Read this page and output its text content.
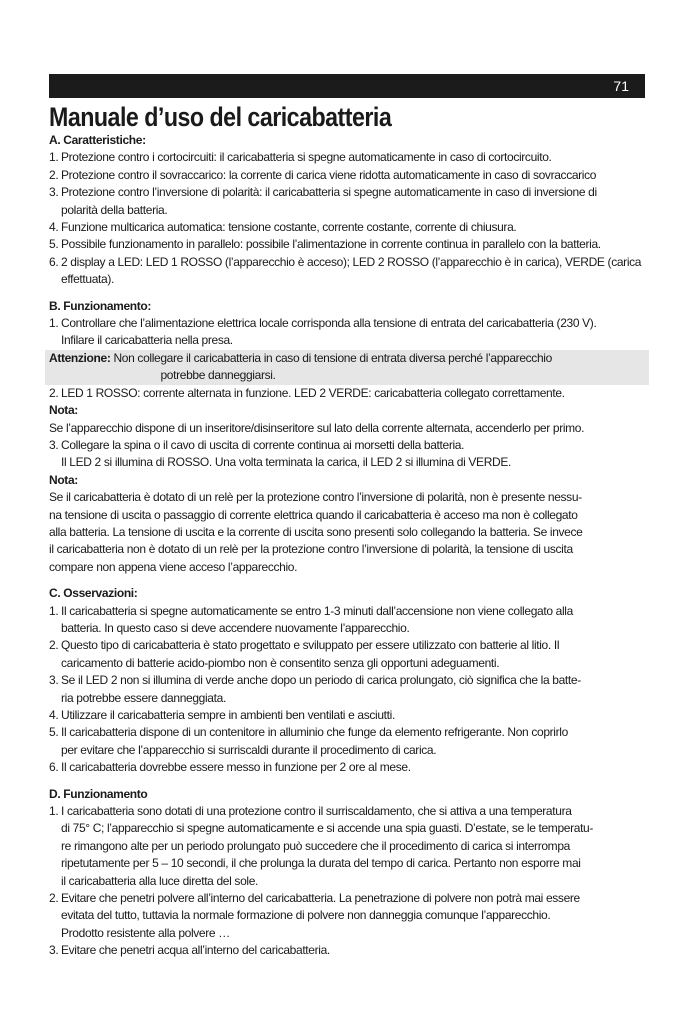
71
Manuale d’uso del caricabatteria
A. Caratteristiche:
1. Protezione contro i cortocircuiti: il caricabatteria si spegne automaticamente in caso di cortocircuito.
2. Protezione contro il sovraccarico: la corrente di carica viene ridotta automaticamente in caso di sovraccarico
3. Protezione contro l’inversione di polarità: il caricabatteria si spegne automaticamente in caso di inversione di
polarità della batteria.
4. Funzione multicarica automatica: tensione costante, corrente costante, corrente di chiusura.
5. Possibile funzionamento in parallelo: possibile l’alimentazione in corrente continua in parallelo con la batteria.
6. 2 display a LED: LED 1 ROSSO (l’apparecchio è acceso); LED 2 ROSSO (l’apparecchio è in carica), VERDE (carica
effettuata).
B. Funzionamento:
1. Controllare che l’alimentazione elettrica locale corrisponda alla tensione di entrata del caricabatteria (230 V).
Infilare il caricabatteria nella presa.
Attenzione: Non collegare il caricabatteria in caso di tensione di entrata diversa perché l’apparecchio
potrebbe danneggiarsi.
2. LED 1 ROSSO: corrente alternata in funzione. LED 2 VERDE: caricabatteria collegato correttamente.
Nota:
Se l’apparecchio dispone di un inseritore/disinseritore sul lato della corrente alternata, accenderlo per primo.
3. Collegare la spina o il cavo di uscita di corrente continua ai morsetti della batteria.
Il LED 2 si illumina di ROSSO. Una volta terminata la carica, il LED 2 si illumina di VERDE.
Nota:
Se il caricabatteria è dotato di un relè per la protezione contro l’inversione di polarità, non è presente nessu-
na tensione di uscita o passaggio di corrente elettrica quando il caricabatteria è acceso ma non è collegato
alla batteria. La tensione di uscita e la corrente di uscita sono presenti solo collegando la batteria. Se invece
il caricabatteria non è dotato di un relè per la protezione contro l’inversione di polarità, la tensione di uscita
compare non appena viene acceso l’apparecchio.
C. Osservazioni:
1. Il caricabatteria si spegne automaticamente se entro 1-3 minuti dall’accensione non viene collegato alla
batteria. In questo caso si deve accendere nuovamente l’apparecchio.
2. Questo tipo di caricabatteria è stato progettato e sviluppato per essere utilizzato con batterie al litio. Il
caricamento di batterie acido-piombo non è consentito senza gli opportuni adeguamenti.
3. Se il LED 2 non si illumina di verde anche dopo un periodo di carica prolungato, ciò significa che la batte-
ria potrebbe essere danneggiata.
4. Utilizzare il caricabatteria sempre in ambienti ben ventilati e asciutti.
5. Il caricabatteria dispone di un contenitore in alluminio che funge da elemento refrigerante. Non coprirlo
per evitare che l’apparecchio si surriscaldi durante il procedimento di carica.
6. Il caricabatteria dovrebbe essere messo in funzione per 2 ore al mese.
D. Funzionamento
1. I caricabatteria sono dotati di una protezione contro il surriscaldamento, che si attiva a una temperatura
di 75° C; l’apparecchio si spegne automaticamente e si accende una spia guasti. D’estate, se le temperatu-
re rimangono alte per un periodo prolungato può succedere che il procedimento di carica si interrompa
ripetutamente per 5 – 10 secondi, il che prolunga la durata del tempo di carica. Pertanto non esporre mai
il caricabatteria alla luce diretta del sole.
2. Evitare che penetri polvere all’interno del caricabatteria. La penetrazione di polvere non potrà mai essere
evitata del tutto, tuttavia la normale formazione di polvere non danneggia comunque l’apparecchio.
Prodotto resistente alla polvere …
3. Evitare che penetri acqua all’interno del caricabatteria.
